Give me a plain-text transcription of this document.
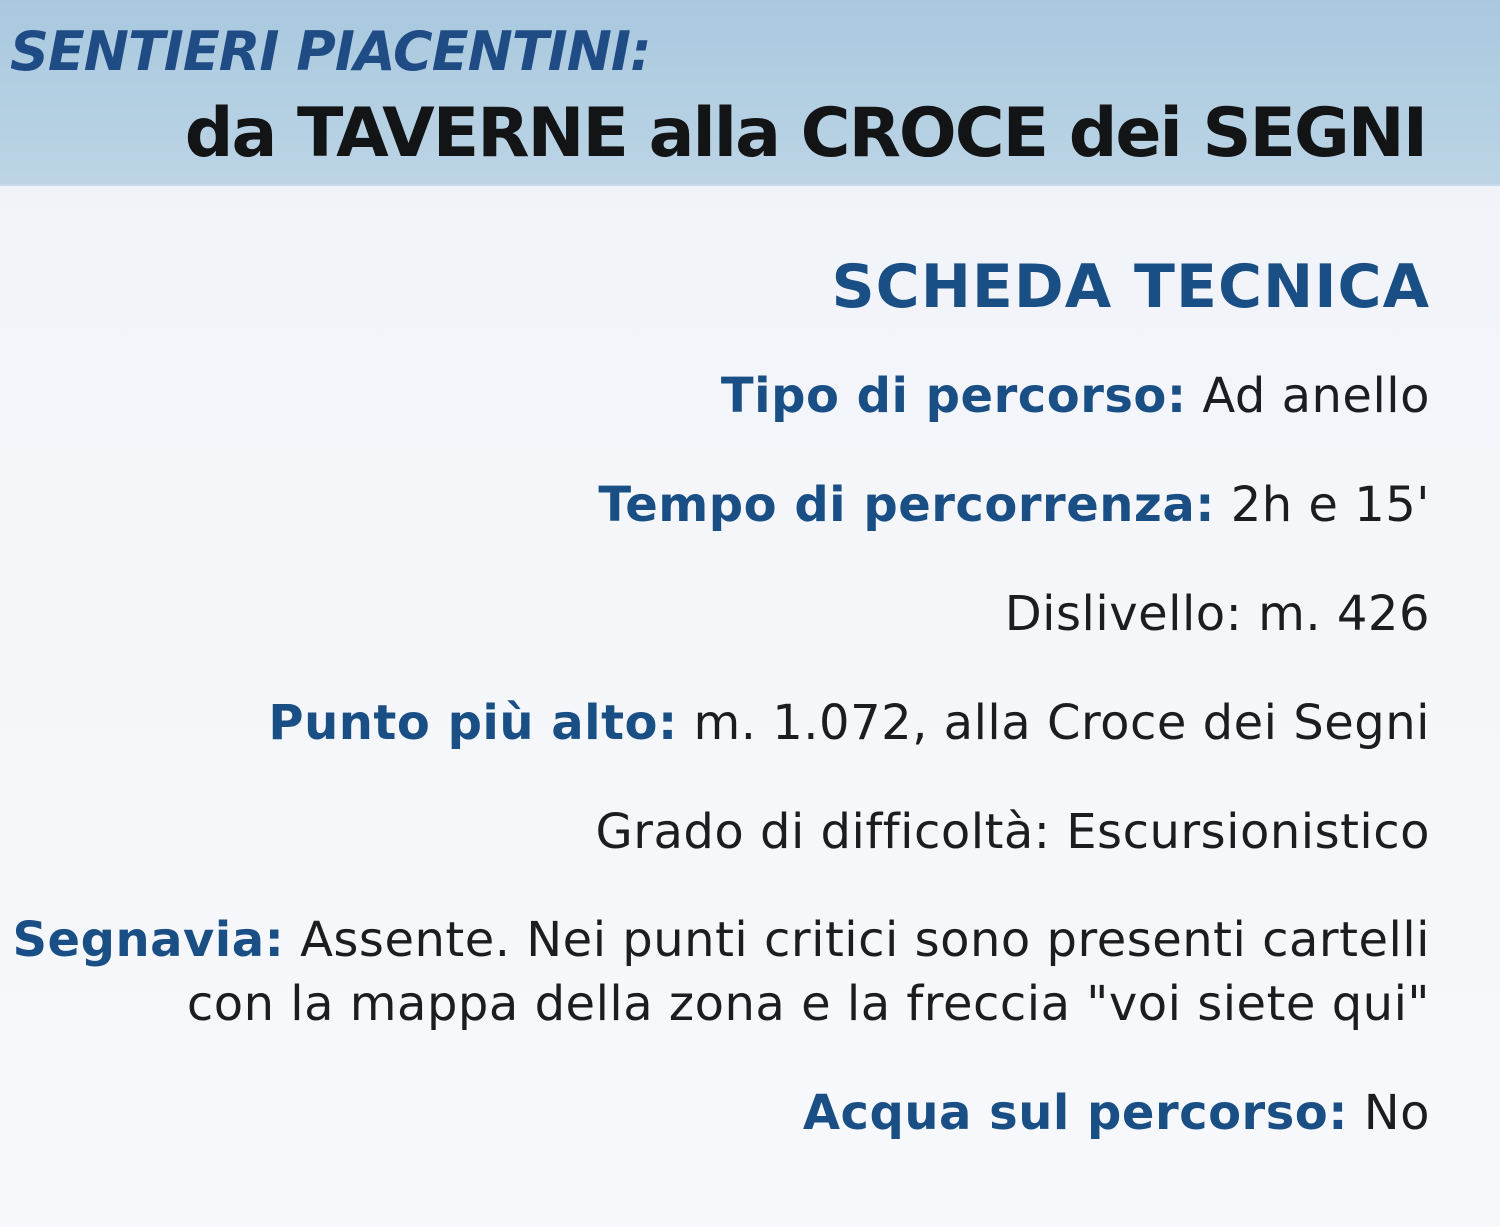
SENTIERI PIACENTINI:
da TAVERNE alla CROCE dei SEGNI
SCHEDA TECNICA
Tipo di percorso: Ad anello
Tempo di percorrenza: 2h e 15'
Dislivello: m. 426
Punto più alto: m. 1.072, alla Croce dei Segni
Grado di difficoltà: Escursionistico
Segnavia: Assente. Nei punti critici sono presenti cartelli
con la mappa della zona e la freccia "voi siete qui"
Acqua sul percorso: No
